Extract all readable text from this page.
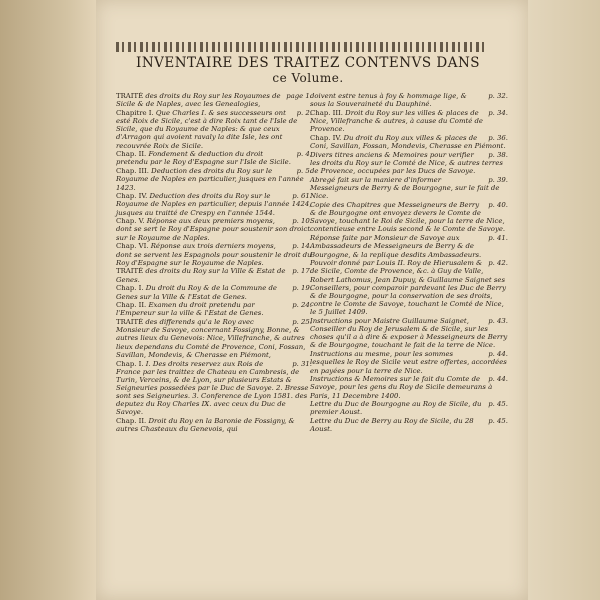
INVENTAIRE DES TRAITEZ CONTENVS DANS
ce Volume.
page 1.
TRAITÉ des droits du Roy sur les Royaumes de Sicile & de Naples, avec les Genealogies,
p. 2.
Chapitre I. Que Charles I. & ses successeurs ont esté Roix de Sicile, c'est à dire Roix tant de l'Isle de Sicile, que du Royaume de Naples: & que ceux d'Arragon qui avoient ravaly la dite Isle, les ont recouvrée Roix de Sicile.
p. 4.
Chap. II. Fondement & deduction du droit pretendu par le Roy d'Espagne sur l'Isle de Sicile.
p. 5.
Chap. III. Deduction des droits du Roy sur le Royaume de Naples en particulier, jusques en l'année 1423.
p. 61.
Chap. IV. Deduction des droits du Roy sur le Royaume de Naples en particulier, depuis l'année 1424, jusques au traitté de Crespy en l'année 1544.
p. 10.
Chap. V. Réponse aux deux premiers moyens, dont se sert le Roy d'Espagne pour soustenir son droict sur le Royaume de Naples.
p. 14.
Chap. VI. Réponse aux trois derniers moyens, dont se servent les Espagnols pour soustenir le droit du Roy d'Espagne sur le Royaume de Naples.
p. 17.
TRAITÉ des droits du Roy sur la Ville & Estat de Genes.
p. 19.
Chap. I. Du droit du Roy & de la Commune de Genes sur la Ville & l'Estat de Genes.
p. 24.
Chap. II. Examen du droit pretendu par l'Empereur sur la ville & l'Estat de Genes.
p. 25.
TRAITÉ des differends qu'a le Roy avec Monsieur de Savoye, concernant Fossigny, Bonne, & autres lieux du Genevois: Nice, Villefranche, & autres lieux dependans du Comté de Provence, Coni, Fossan, Savillan, Mondevis, & Cherasse en Piémont,
p. 31.
Chap. I. I. Des droits reservez aux Rois de France par les traittez de Chateau en Cambresis, de Turin, Verceins, & de Lyon, sur plusieurs Estats & Seigneuries possedées par le Duc de Savoye. 2. Bresse sont ses Seigneuries. 3. Conference de Lyon 1581. des deputez du Roy Charles IX. avec ceux du Duc de Savoye.
Chap. II. Droit du Roy en la Baronie de Fossigny, & autres Chasteaux du Genevois, qui
p. 32.
doivent estre tenus à foy & hommage lige, & sous la Souveraineté du Dauphiné.
p. 34.
Chap. III. Droit du Roy sur les villes & places de Nice, Villefranche & autres, à cause du Comté de Provence.
p. 36.
Chap. IV. Du droit du Roy aux villes & places de Coni, Savillan, Fossan, Mondevis, Cherasse en Piémont.
p. 38.
Divers titres anciens & Memoires pour verifier les droits du Roy sur le Comté de Nice, & autres terres de Provence, occupées par les Ducs de Savoye.
p. 39.
Abregé fait sur la maniere d'informer Messeigneurs de Berry & de Bourgogne, sur le fait de Nice.
p. 40.
Copie des Chapitres que Messeigneurs de Berry & de Bourgogne ont envoyez devers le Comte de Savoye, touchant le Roi de Sicile, pour la terre de Nice, contentieuse entre Louis second & le Comte de Savoye.
p. 41.
Réponse faite par Monsieur de Savoye aux Ambassadeurs de Messeigneurs de Berry & de Bourgogne, & la replique desdits Ambassadeurs.
p. 42.
Pouvoir donné par Louis II. Roy de Hierusalem & de Sicile, Comte de Provence, &c. à Guy de Valle, Robert Lathomus, Jean Dupuy, & Guillaume Saignet ses Conseillers, pour comparoir pardevant les Duc de Berry & de Bourgogne, pour la conservation de ses droits, contre le Comte de Savoye, touchant le Comté de Nice, le 5 Juillet 1409.
p. 43.
Instructions pour Maistre Guillaume Saignet, Conseiller du Roy de Jerusalem & de Sicile, sur les choses qu'il a à dire & exposer à Messeigneurs de Berry & de Bourgogne, touchant le fait de la terre de Nice.
p. 44.
Instructions au mesme, pour les sommes lesquelles le Roy de Sicile veut estre offertes, accordées en payées pour la terre de Nice.
p. 44.
Instructions & Memoires sur le fait du Comte de Savoye, pour les gens du Roy de Sicile demeurans à Paris, 11 Decembre 1400.
p. 45.
Lettre du Duc de Bourgogne au Roy de Sicile, du premier Aoust.
p. 45.
Lettre du Duc de Berry au Roy de Sicile, du 28 Aoust.
